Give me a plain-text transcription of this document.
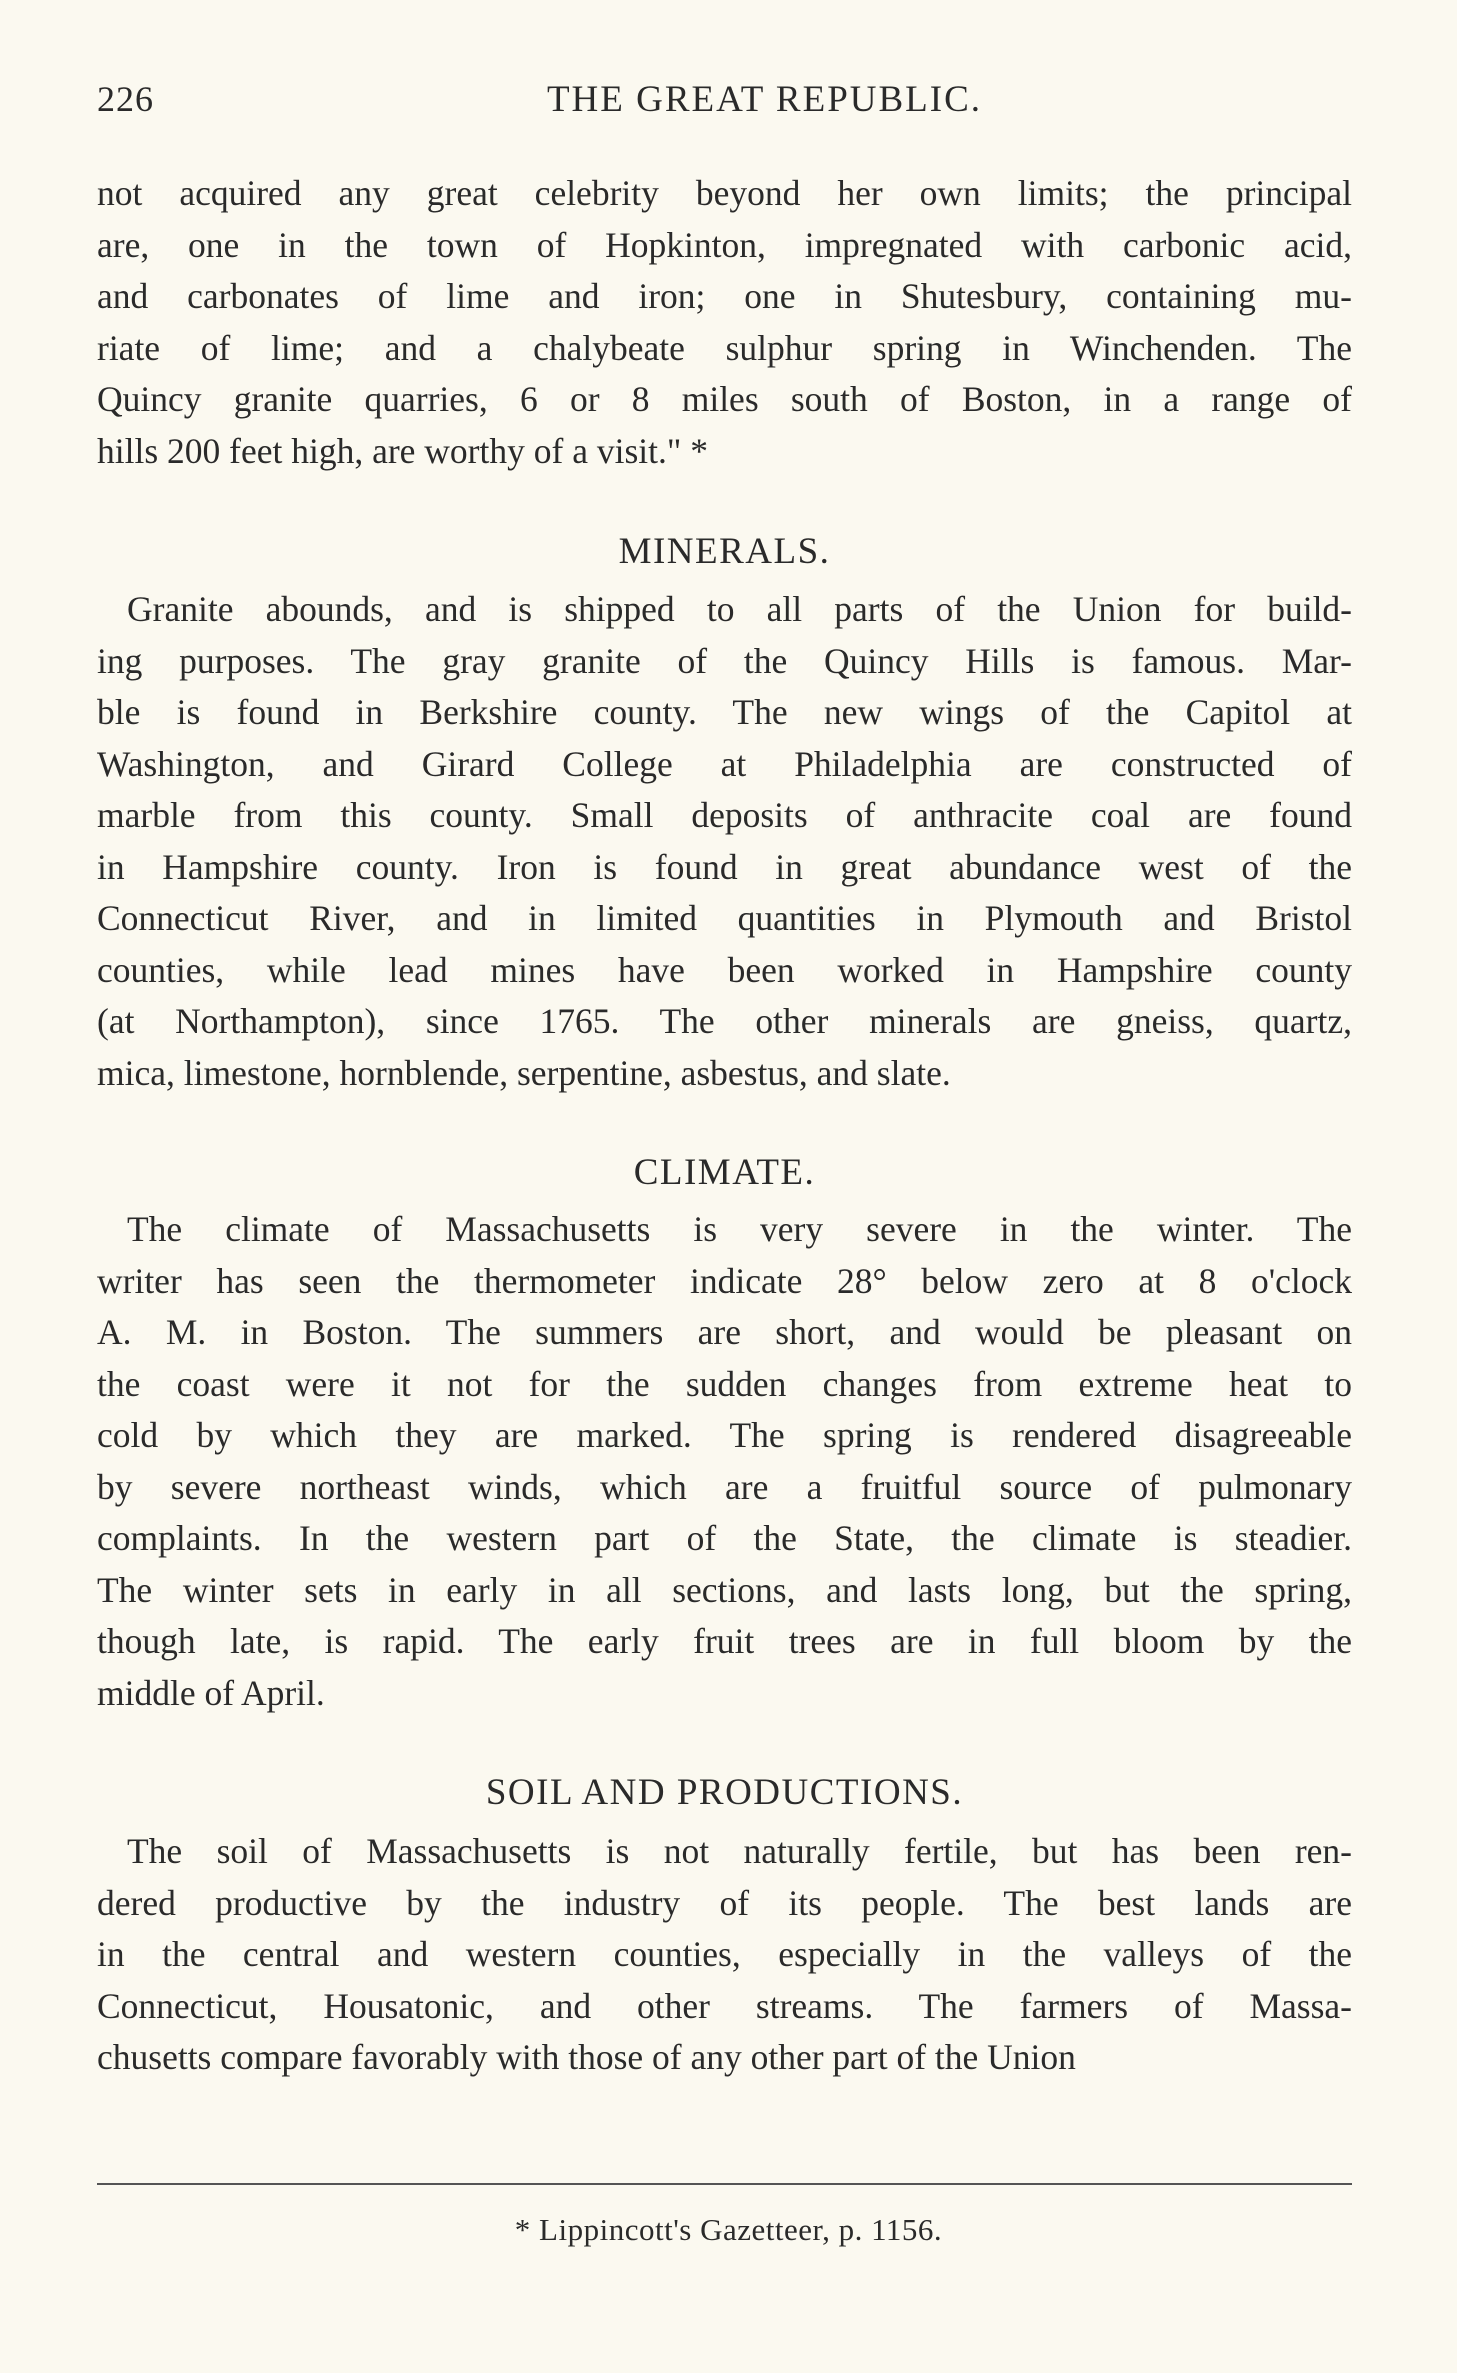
226	THE GREAT REPUBLIC.

not acquired any great celebrity beyond her own limits; the principal
are, one in the town of Hopkinton, impregnated with carbonic acid,
and carbonates of lime and iron; one in Shutesbury, containing mu-
riate of lime; and a chalybeate sulphur spring in Winchenden. The
Quincy granite quarries, 6 or 8 miles south of Boston, in a range of
hills 200 feet high, are worthy of a visit." *

MINERALS.

Granite abounds, and is shipped to all parts of the Union for build-
ing purposes. The gray granite of the Quincy Hills is famous. Mar-
ble is found in Berkshire county. The new wings of the Capitol at
Washington, and Girard College at Philadelphia are constructed of
marble from this county. Small deposits of anthracite coal are found
in Hampshire county. Iron is found in great abundance west of the
Connecticut River, and in limited quantities in Plymouth and Bristol
counties, while lead mines have been worked in Hampshire county
(at Northampton), since 1765. The other minerals are gneiss, quartz,
mica, limestone, hornblende, serpentine, asbestus, and slate.

CLIMATE.

The climate of Massachusetts is very severe in the winter. The
writer has seen the thermometer indicate 28° below zero at 8 o'clock
A. M. in Boston. The summers are short, and would be pleasant on
the coast were it not for the sudden changes from extreme heat to
cold by which they are marked. The spring is rendered disagreeable
by severe northeast winds, which are a fruitful source of pulmonary
complaints. In the western part of the State, the climate is steadier.
The winter sets in early in all sections, and lasts long, but the spring,
though late, is rapid. The early fruit trees are in full bloom by the
middle of April.

SOIL AND PRODUCTIONS.

The soil of Massachusetts is not naturally fertile, but has been ren-
dered productive by the industry of its people. The best lands are
in the central and western counties, especially in the valleys of the
Connecticut, Housatonic, and other streams. The farmers of Massa-
chusetts compare favorably with those of any other part of the Union

* Lippincott's Gazetteer, p. 1156.
